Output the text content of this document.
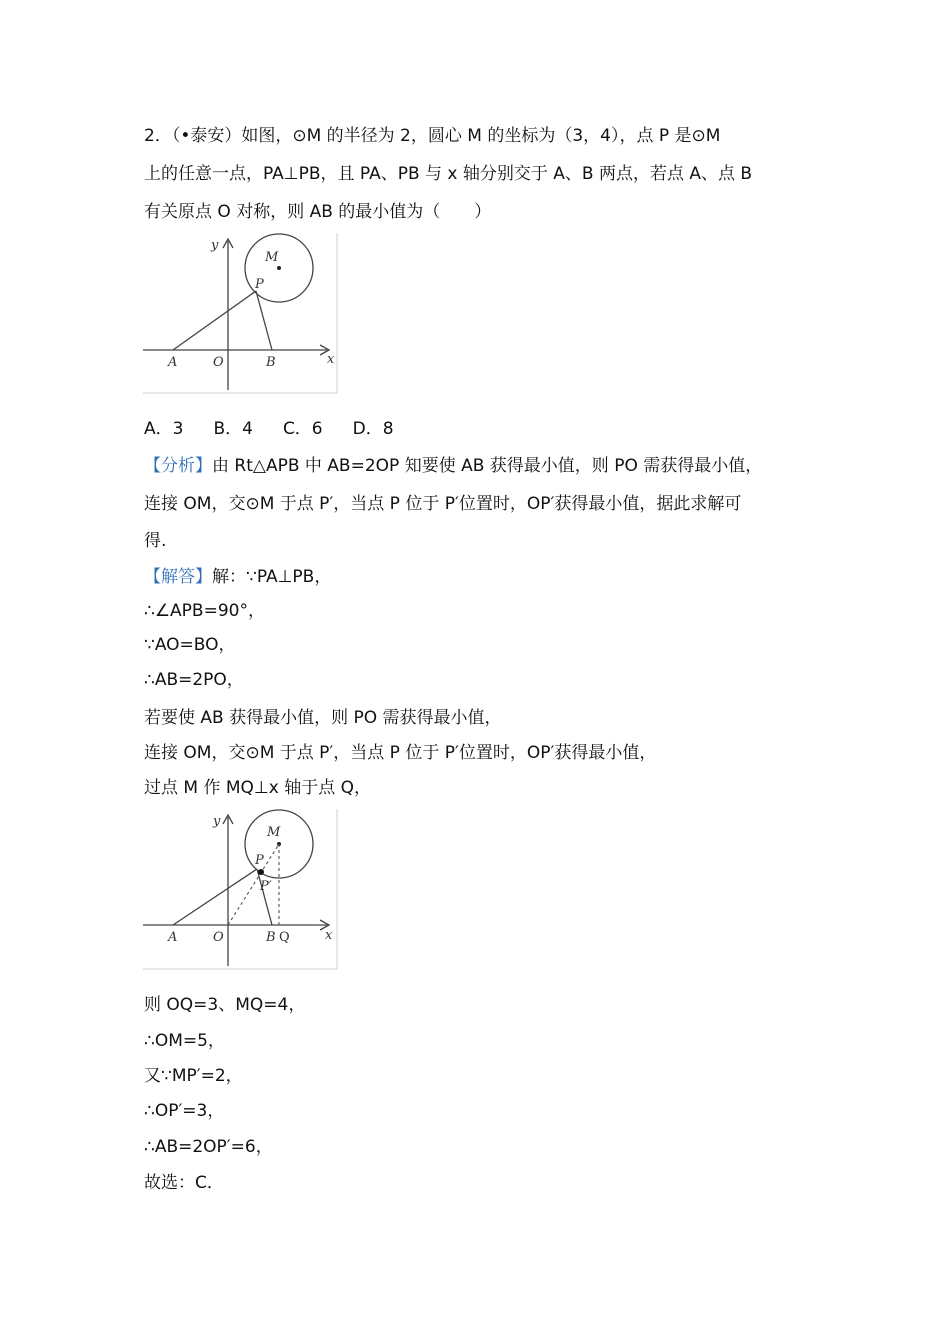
2．（•泰安）如图，⊙M 的半径为 2，圆心 M 的坐标为（3，4），点 P 是⊙M
上的任意一点，PA⊥PB，且 PA、PB 与 x 轴分别交于 A、B 两点，若点 A、点 B
有关原点 O 对称，则 AB 的最小值为（　　）
y
x
M
P
A	O	B
A．3 B．4 C．6 D．8
【分析】由 Rt△APB 中 AB=2OP 知要使 AB 获得最小值，则 PO 需获得最小值，
连接 OM，交⊙M 于点 P′，当点 P 位于 P′位置时，OP′获得最小值，据此求解可
得.
【解答】解：∵PA⊥PB，
∴∠APB=90°，
∵AO=BO，
∴AB=2PO，
若要使 AB 获得最小值，则 PO 需获得最小值，
连接 OM，交⊙M 于点 P′，当点 P 位于 P′位置时，OP′获得最小值，
过点 M 作 MQ⊥x 轴于点 Q，
y
x
M
P
P′
A	O	B Q
则 OQ=3、MQ=4，
∴OM=5，
又∵MP′=2，
∴OP′=3，
∴AB=2OP′=6，
故选：C．
